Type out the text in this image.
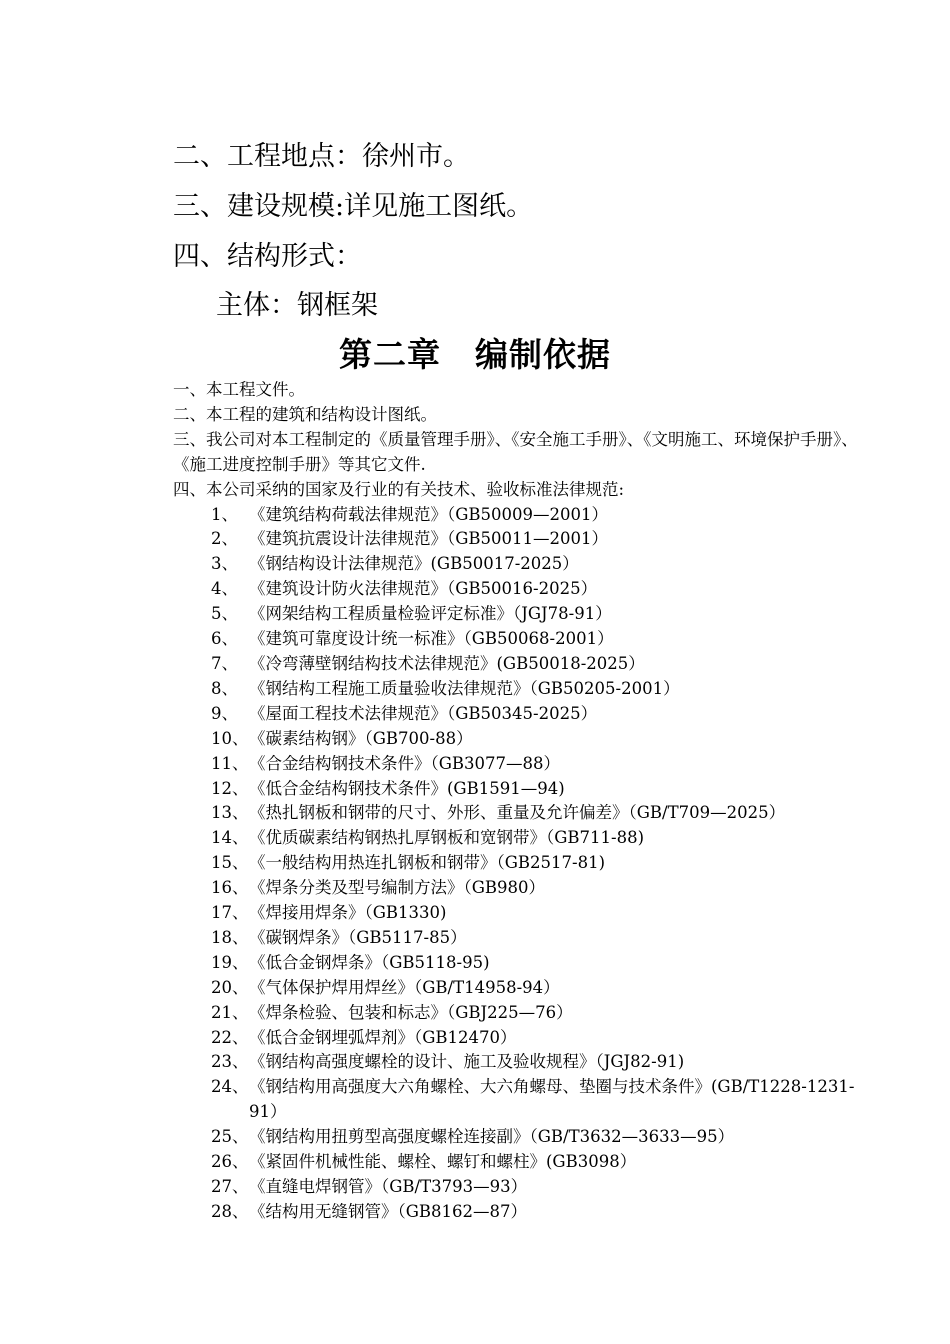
二、工程地点：徐州市。
三、建设规模:详见施工图纸。
四、结构形式：
主体：钢框架
第二章 编制依据
一、本工程文件。
二、本工程的建筑和结构设计图纸。
三、我公司对本工程制定的《质量管理手册》、《安全施工手册》、《文明施工、环境保护手册》、《施工进度控制手册》等其它文件.
四、本公司采纳的国家及行业的有关技术、验收标准法律规范:
1、 《建筑结构荷载法律规范》（GB50009—2001）
2、 《建筑抗震设计法律规范》（GB50011—2001）
3、 《钢结构设计法律规范》(GB50017-2025）
4、 《建筑设计防火法律规范》（GB50016-2025）
5、 《网架结构工程质量检验评定标准》（JGJ78-91）
6、 《建筑可靠度设计统一标准》（GB50068-2001）
7、 《冷弯薄壁钢结构技术法律规范》(GB50018-2025）
8、 《钢结构工程施工质量验收法律规范》（GB50205-2001）
9、 《屋面工程技术法律规范》（GB50345-2025）
10、 《碳素结构钢》（GB700-88）
11、 《合金结构钢技术条件》（GB3077—88）
12、 《低合金结构钢技术条件》(GB1591—94)
13、 《热扎钢板和钢带的尺寸、外形、重量及允许偏差》（GB/T709—2025）
14、 《优质碳素结构钢热扎厚钢板和宽钢带》（GB711-88)
15、 《一般结构用热连扎钢板和钢带》（GB2517-81)
16、 《焊条分类及型号编制方法》（GB980）
17、 《焊接用焊条》（GB1330)
18、 《碳钢焊条》（GB5117-85）
19、 《低合金钢焊条》（GB5118-95)
20、 《气体保护焊用焊丝》（GB/T14958-94）
21、 《焊条检验、包装和标志》（GBJ225—76）
22、 《低合金钢埋弧焊剂》（GB12470）
23、 《钢结构高强度螺栓的设计、施工及验收规程》（JGJ82-91)
24、 《钢结构用高强度大六角螺栓、大六角螺母、垫圈与技术条件》(GB/T1228-1231-91）
25、 《钢结构用扭剪型高强度螺栓连接副》（GB/T3632—3633—95）
26、 《紧固件机械性能、螺栓、螺钉和螺柱》(GB3098）
27、 《直缝电焊钢管》（GB/T3793—93）
28、 《结构用无缝钢管》（GB8162—87）
